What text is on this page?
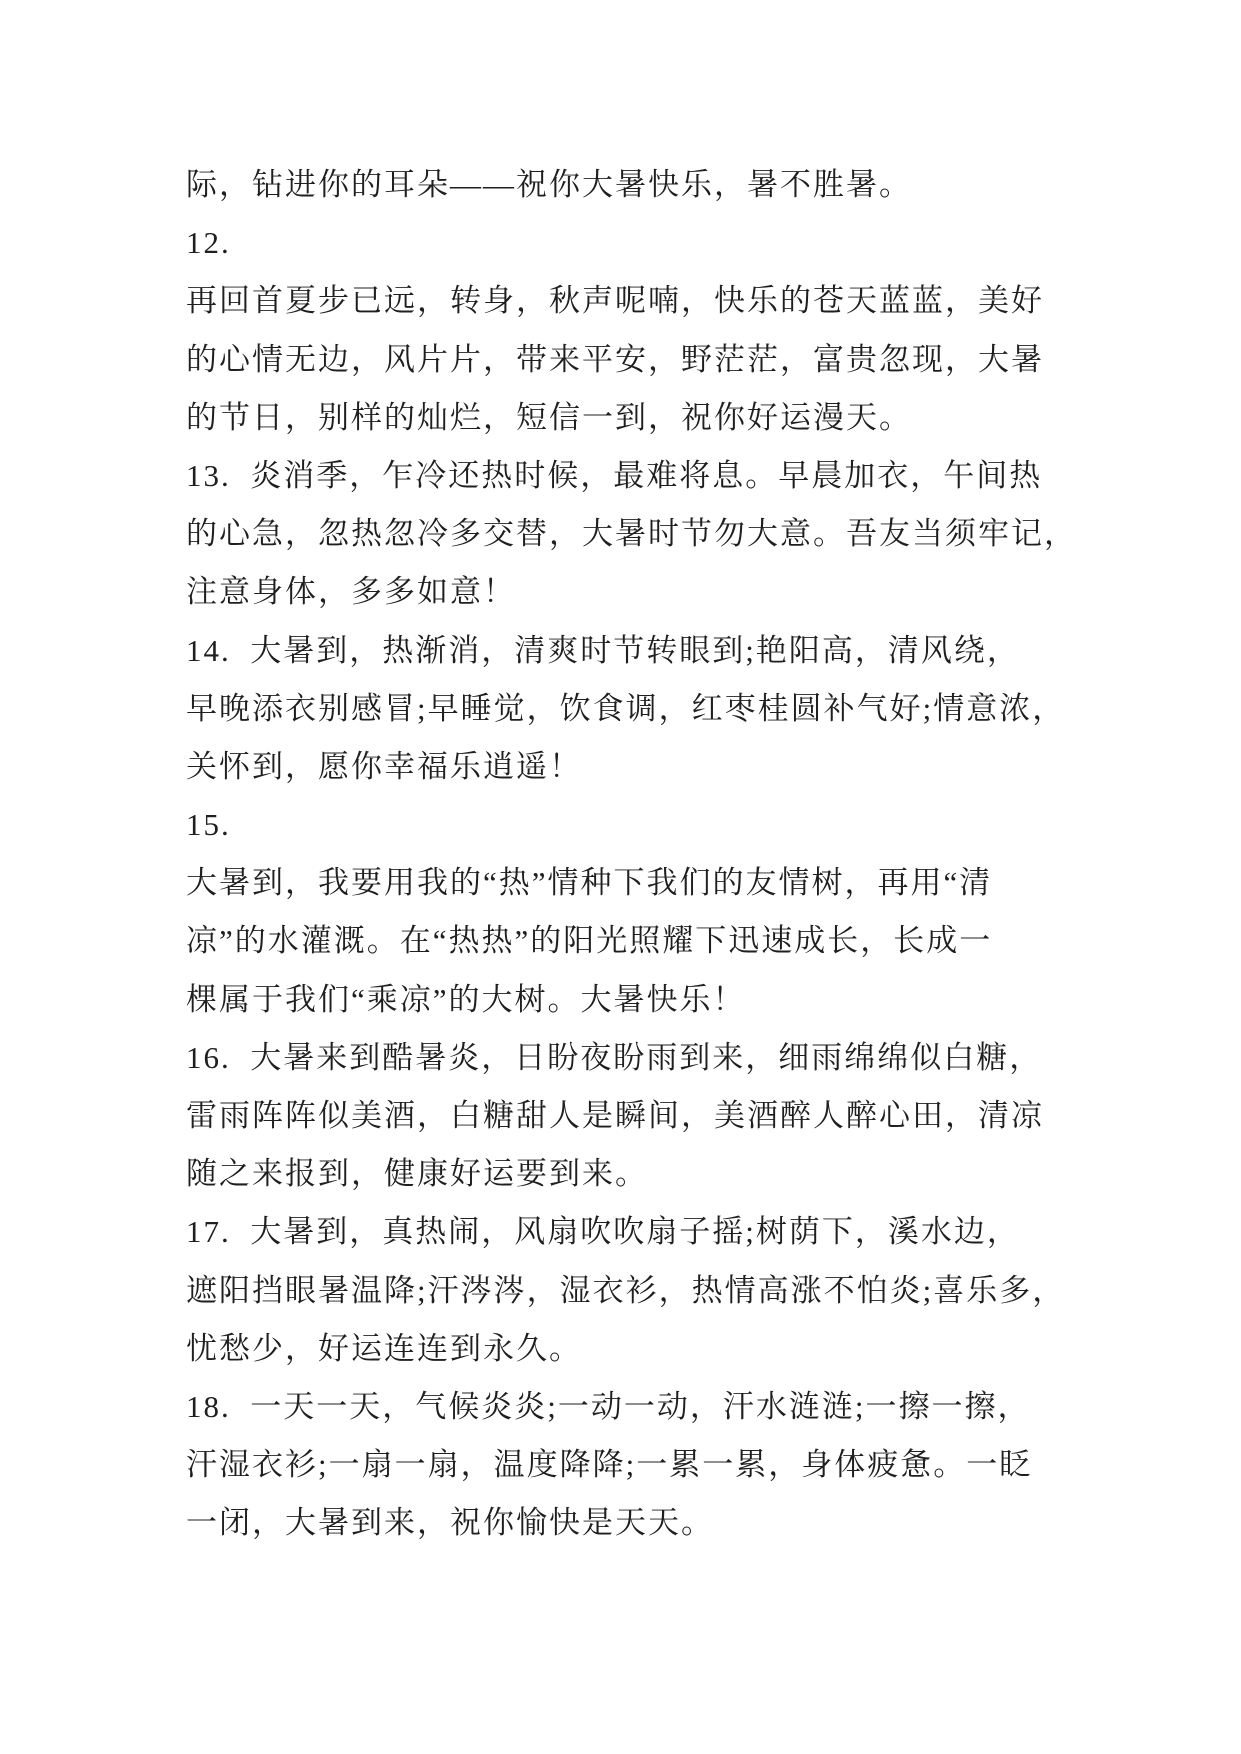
际，钻进你的耳朵——祝你大暑快乐，暑不胜暑。
12.
再回首夏步已远，转身，秋声呢喃，快乐的苍天蓝蓝，美好
的心情无边，风片片，带来平安，野茫茫，富贵忽现，大暑
的节日，别样的灿烂，短信一到，祝你好运漫天。
13.  炎消季，乍冷还热时候，最难将息。早晨加衣，午间热
的心急，忽热忽冷多交替，大暑时节勿大意。吾友当须牢记，
注意身体，多多如意！
14.  大暑到，热渐消，清爽时节转眼到;艳阳高，清风绕，
早晚添衣别感冒;早睡觉，饮食调，红枣桂圆补气好;情意浓，
关怀到，愿你幸福乐逍遥！
15.
大暑到，我要用我的“热”情种下我们的友情树，再用“清
凉”的水灌溉。在“热热”的阳光照耀下迅速成长，长成一
棵属于我们“乘凉”的大树。大暑快乐！
16.  大暑来到酷暑炎，日盼夜盼雨到来，细雨绵绵似白糖，
雷雨阵阵似美酒，白糖甜人是瞬间，美酒醉人醉心田，清凉
随之来报到，健康好运要到来。
17.  大暑到，真热闹，风扇吹吹扇子摇;树荫下，溪水边，
遮阳挡眼暑温降;汗涔涔，湿衣衫，热情高涨不怕炎;喜乐多，
忧愁少，好运连连到永久。
18.  一天一天，气候炎炎;一动一动，汗水涟涟;一擦一擦，
汗湿衣衫;一扇一扇，温度降降;一累一累，身体疲惫。一眨
一闭，大暑到来，祝你愉快是天天。
